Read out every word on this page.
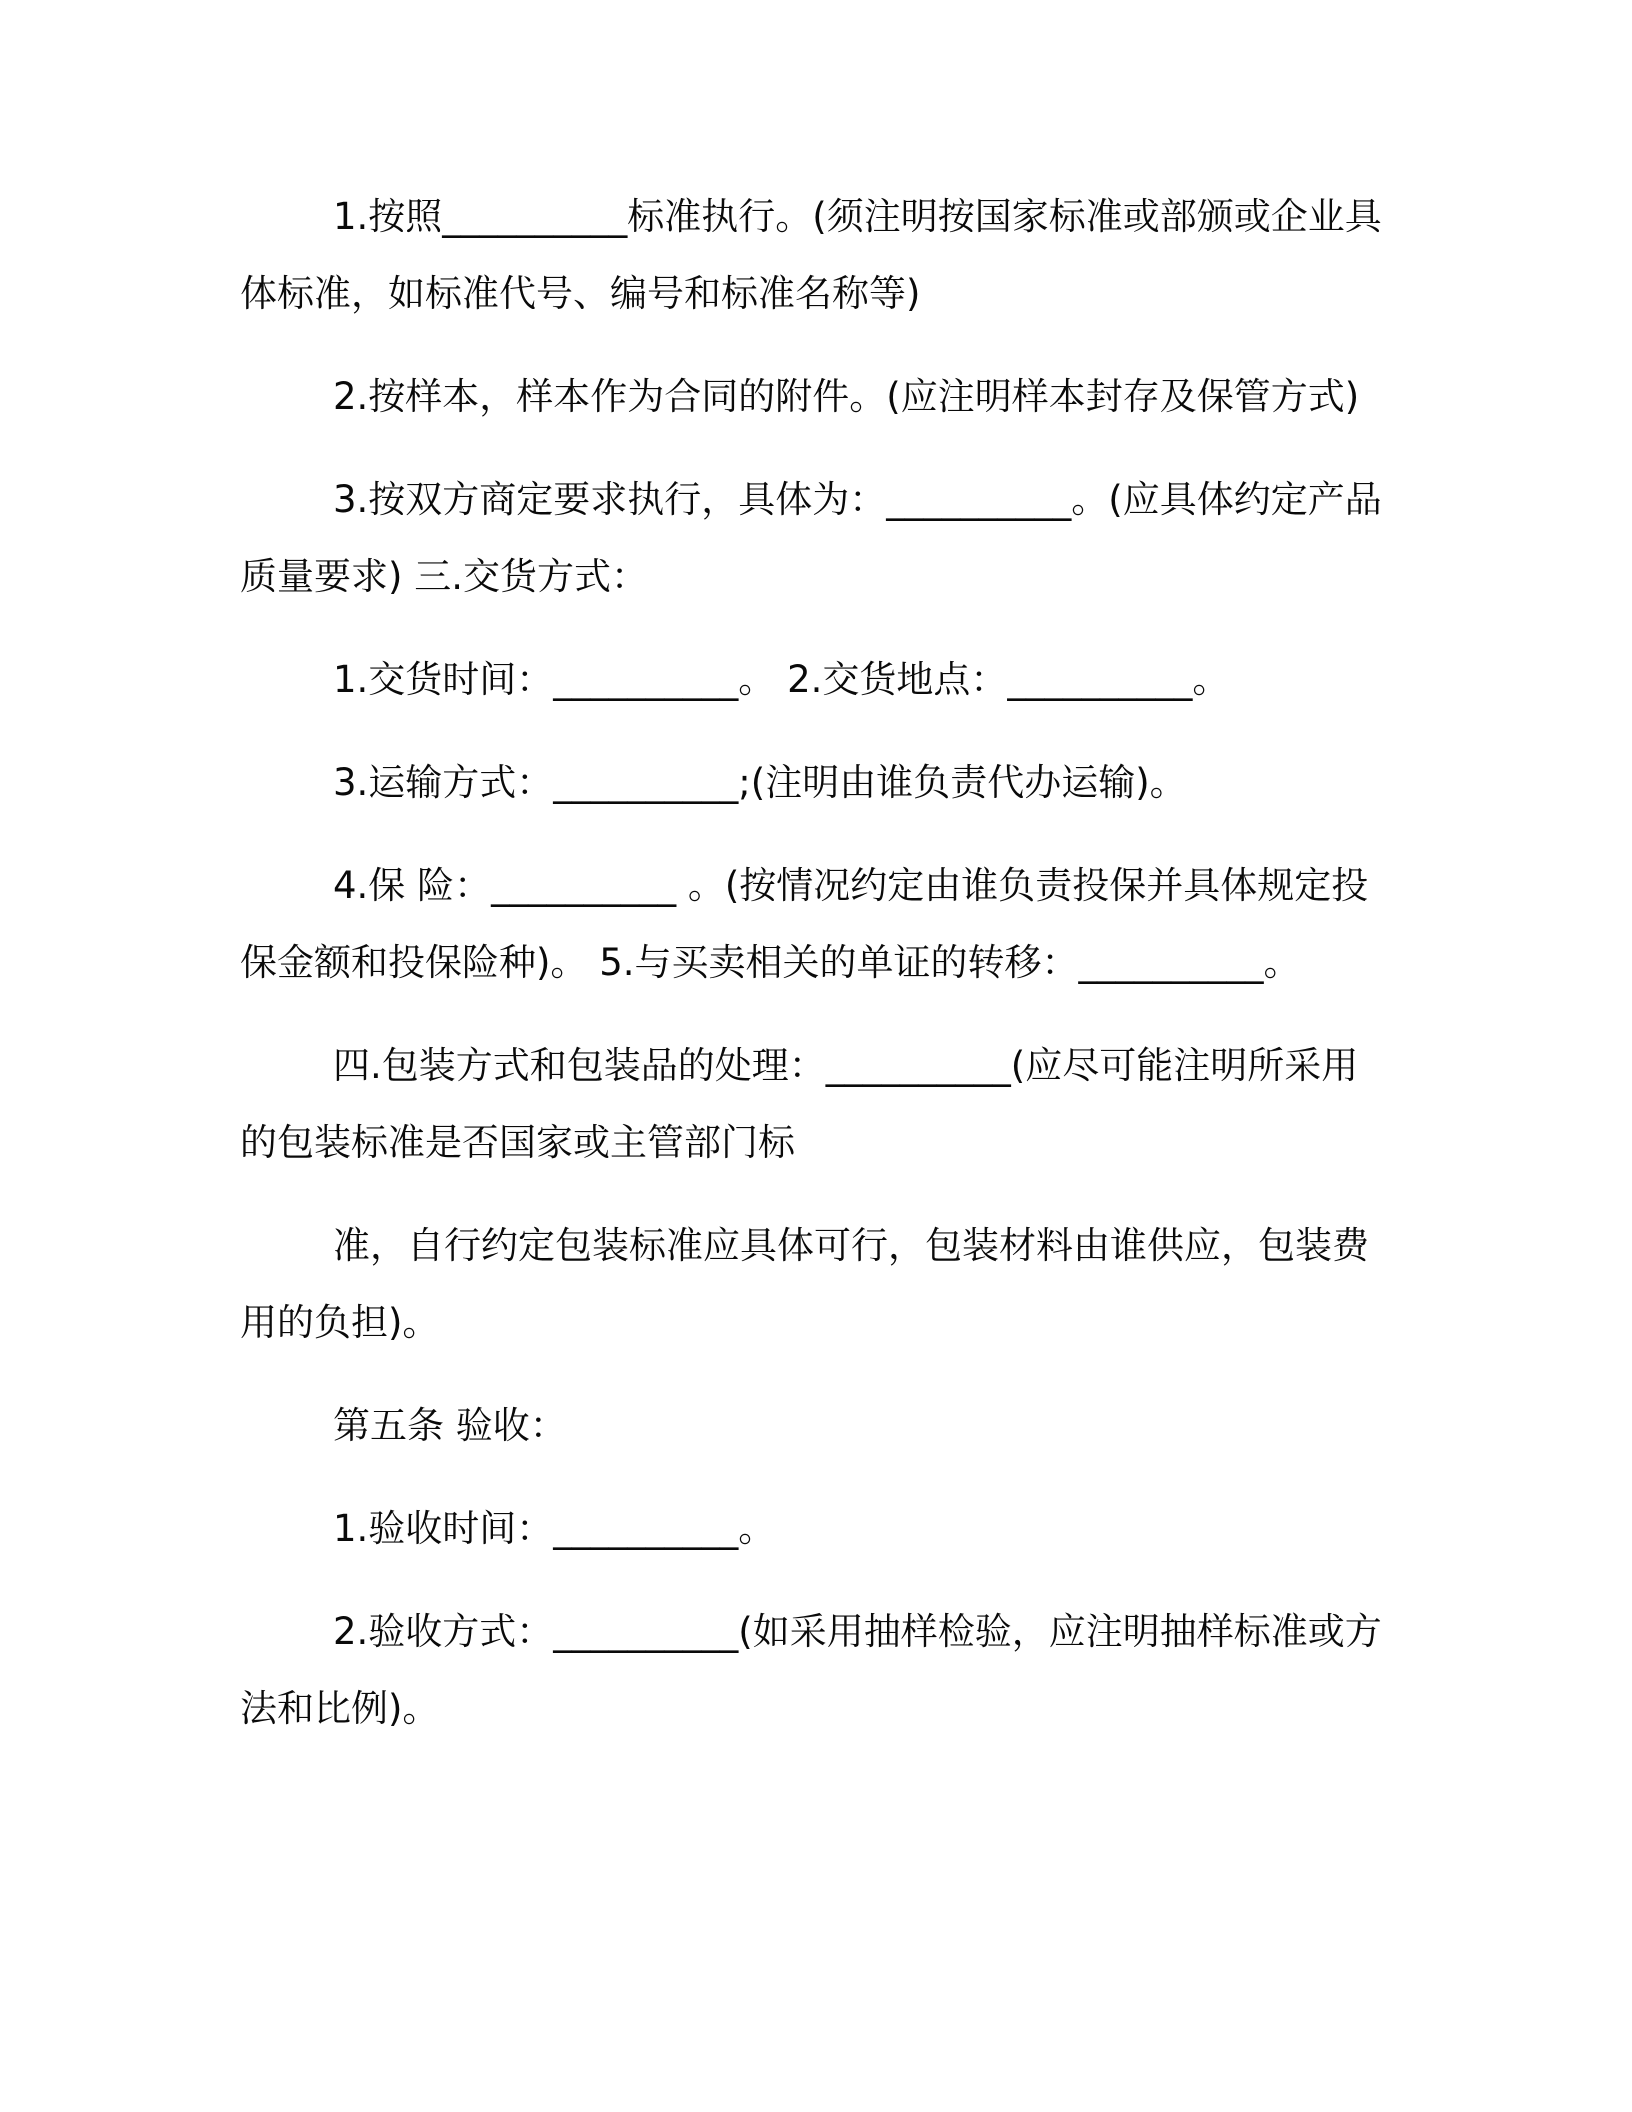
1.按照__________标准执行。(须注明按国家标准或部颁或企业具
体标准，如标准代号、编号和标准名称等)
2.按样本，样本作为合同的附件。(应注明样本封存及保管方式)
3.按双方商定要求执行，具体为：__________。(应具体约定产品
质量要求) 三.交货方式：
1.交货时间：__________。 2.交货地点：__________。
3.运输方式：__________;(注明由谁负责代办运输)。
4.保 险：__________ 。(按情况约定由谁负责投保并具体规定投
保金额和投保险种)。 5.与买卖相关的单证的转移：__________。
四.包装方式和包装品的处理：__________(应尽可能注明所采用
的包装标准是否国家或主管部门标
准，自行约定包装标准应具体可行，包装材料由谁供应，包装费
用的负担)。
第五条 验收：
1.验收时间：__________。
2.验收方式：__________(如采用抽样检验，应注明抽样标准或方
法和比例)。
